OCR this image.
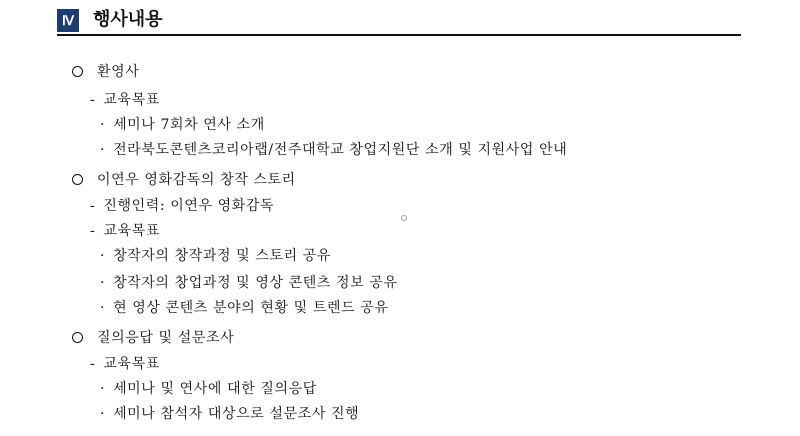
Ⅳ 행사내용
환영사
- 교육목표
· 세미나 7회차 연사 소개
· 전라북도콘텐츠코리아랩/전주대학교 창업지원단 소개 및 지원사업 안내
이연우 영화감독의 창작 스토리
- 진행인력: 이연우 영화감독
- 교육목표
· 창작자의 창작과정 및 스토리 공유
· 창작자의 창업과정 및 영상 콘텐츠 정보 공유
· 현 영상 콘텐츠 분야의 현황 및 트렌드 공유
질의응답 및 설문조사
- 교육목표
· 세미나 및 연사에 대한 질의응답
· 세미나 참석자 대상으로 설문조사 진행
